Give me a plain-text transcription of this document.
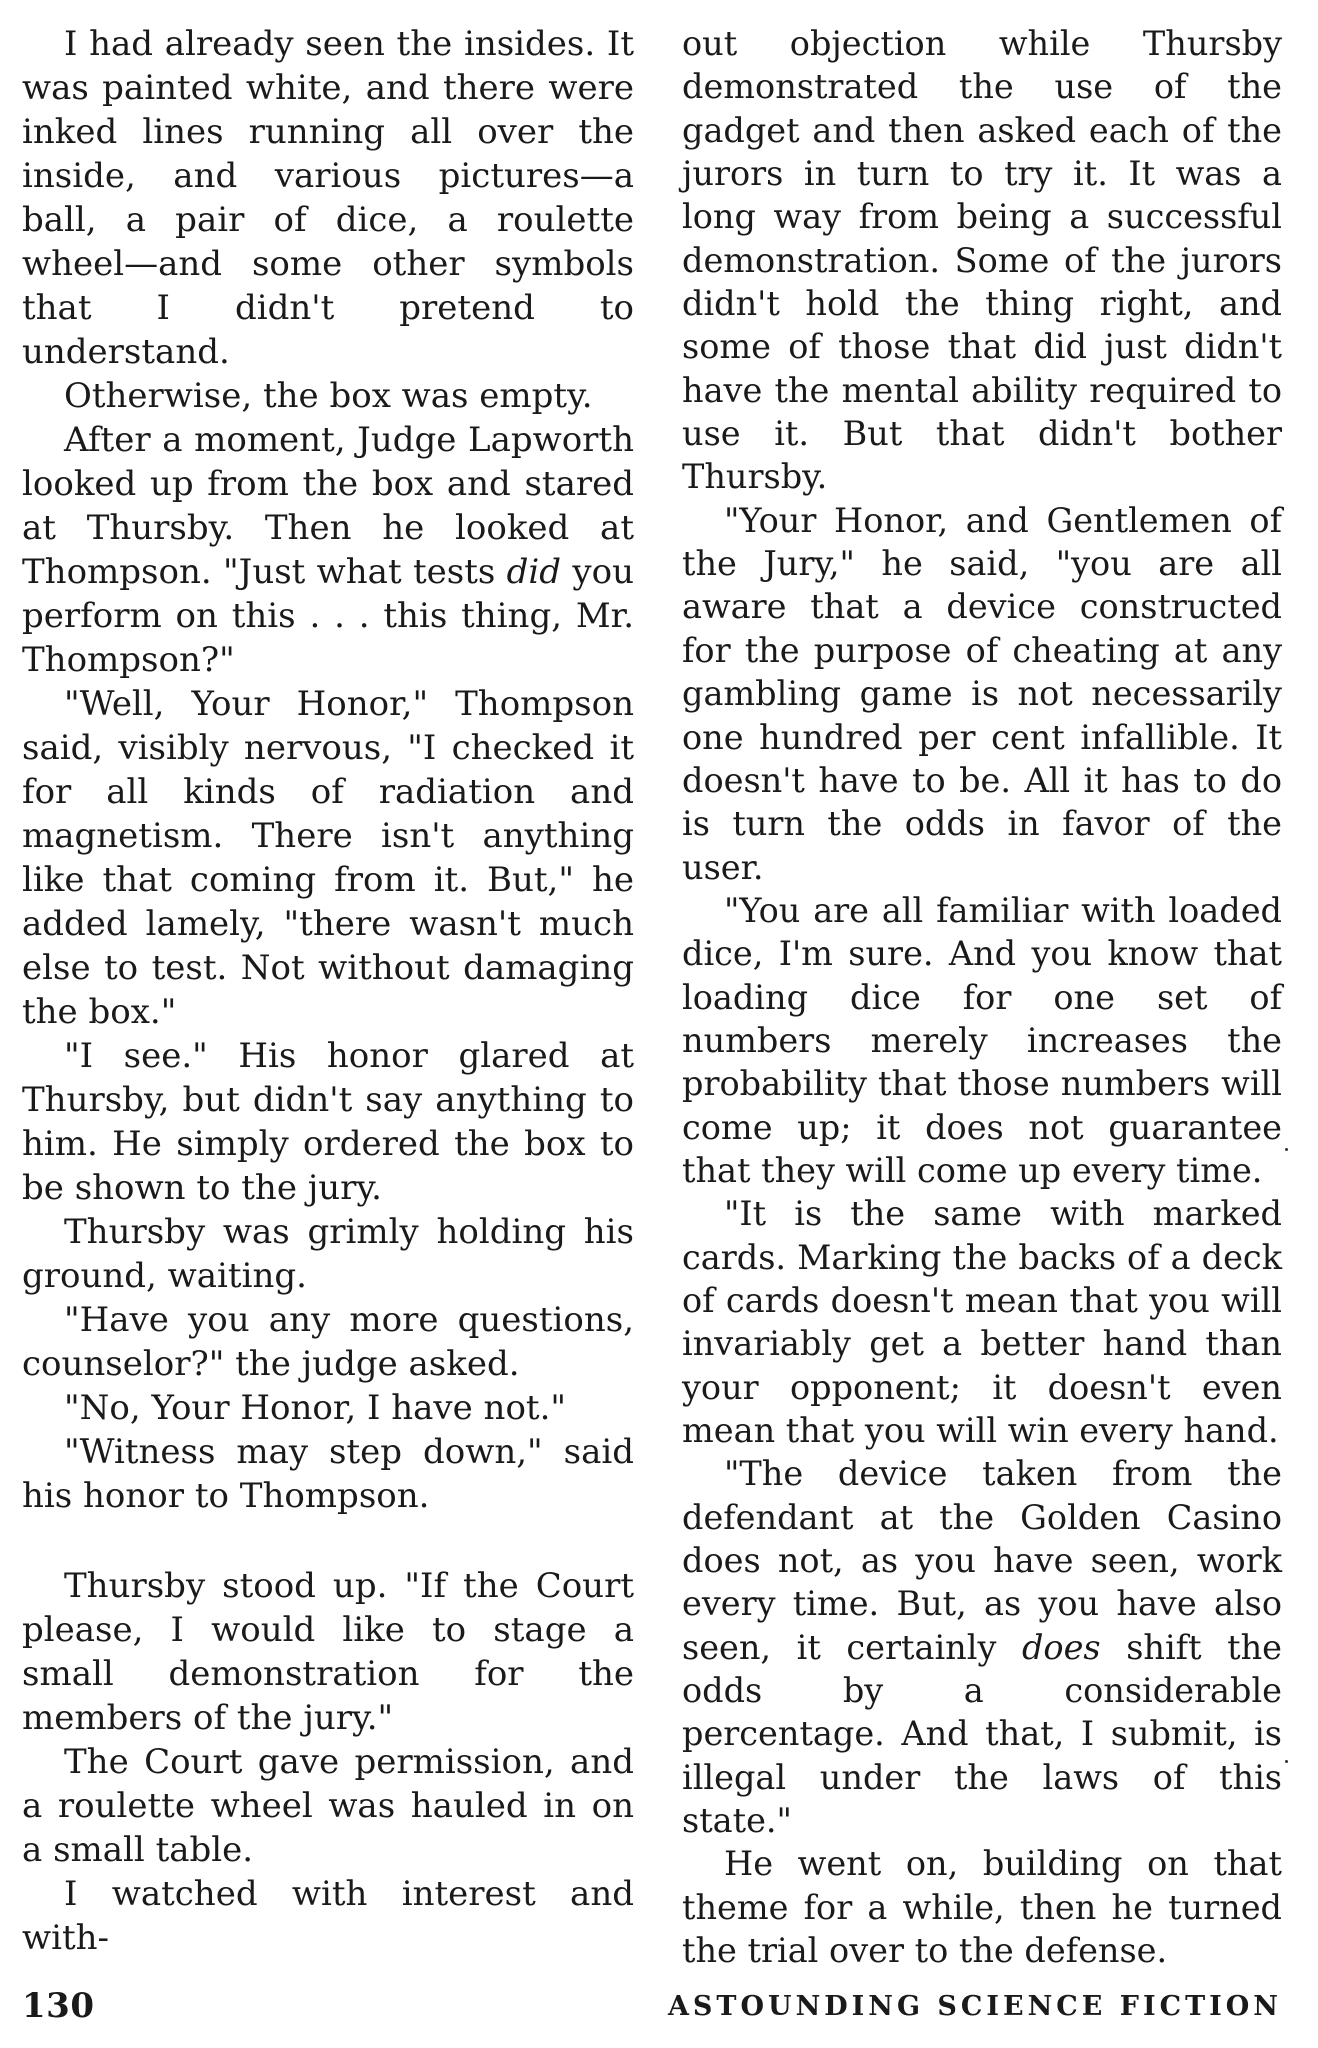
I had already seen the insides. It was painted white, and there were inked lines running all over the inside, and various pictures—a ball, a pair of dice, a roulette wheel—and some other symbols that I didn't pretend to understand.

Otherwise, the box was empty.

After a moment, Judge Lapworth looked up from the box and stared at Thursby. Then he looked at Thompson. "Just what tests did you perform on this . . . this thing, Mr. Thompson?"

"Well, Your Honor," Thompson said, visibly nervous, "I checked it for all kinds of radiation and magnetism. There isn't anything like that coming from it. But," he added lamely, "there wasn't much else to test. Not without damaging the box."

"I see." His honor glared at Thursby, but didn't say anything to him. He simply ordered the box to be shown to the jury.

Thursby was grimly holding his ground, waiting.

"Have you any more questions, counselor?" the judge asked.

"No, Your Honor, I have not."

"Witness may step down," said his honor to Thompson.

Thursby stood up. "If the Court please, I would like to stage a small demonstration for the members of the jury."

The Court gave permission, and a roulette wheel was hauled in on a small table.

I watched with interest and with-

out objection while Thursby demonstrated the use of the gadget and then asked each of the jurors in turn to try it. It was a long way from being a successful demonstration. Some of the jurors didn't hold the thing right, and some of those that did just didn't have the mental ability required to use it. But that didn't bother Thursby.

"Your Honor, and Gentlemen of the Jury," he said, "you are all aware that a device constructed for the purpose of cheating at any gambling game is not necessarily one hundred per cent infallible. It doesn't have to be. All it has to do is turn the odds in favor of the user.

"You are all familiar with loaded dice, I'm sure. And you know that loading dice for one set of numbers merely increases the probability that those numbers will come up; it does not guarantee that they will come up every time.

"It is the same with marked cards. Marking the backs of a deck of cards doesn't mean that you will invariably get a better hand than your opponent; it doesn't even mean that you will win every hand.

"The device taken from the defendant at the Golden Casino does not, as you have seen, work every time. But, as you have also seen, it certainly does shift the odds by a considerable percentage. And that, I submit, is illegal under the laws of this state."

He went on, building on that theme for a while, then he turned the trial over to the defense.

130	ASTOUNDING SCIENCE FICTION
